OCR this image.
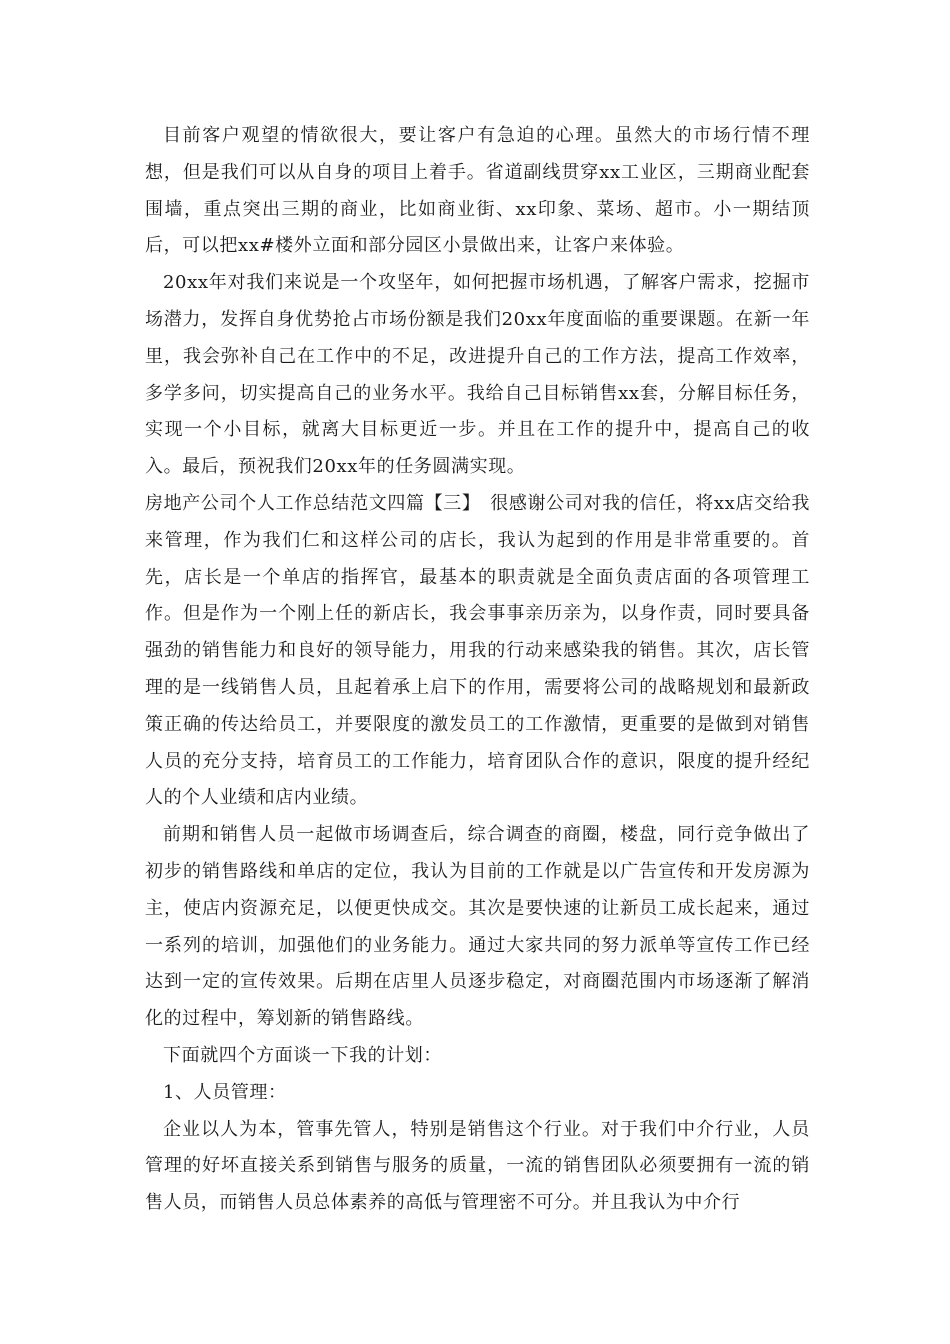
目前客户观望的情欲很大，要让客户有急迫的心理。虽然大的市场行情不理想，但是我们可以从自身的项目上着手。省道副线贯穿xx工业区，三期商业配套围墙，重点突出三期的商业，比如商业街、xx印象、菜场、超市。小一期结顶后，可以把xx#楼外立面和部分园区小景做出来，让客户来体验。

20xx年对我们来说是一个攻坚年，如何把握市场机遇，了解客户需求，挖掘市场潜力，发挥自身优势抢占市场份额是我们20xx年度面临的重要课题。在新一年里，我会弥补自己在工作中的不足，改进提升自己的工作方法，提高工作效率，多学多问，切实提高自己的业务水平。我给自己目标销售xx套，分解目标任务，实现一个小目标，就离大目标更近一步。并且在工作的提升中，提高自己的收入。最后，预祝我们20xx年的任务圆满实现。

房地产公司个人工作总结范文四篇【三】　很感谢公司对我的信任，将xx店交给我来管理，作为我们仁和这样公司的店长，我认为起到的作用是非常重要的。首先，店长是一个单店的指挥官，最基本的职责就是全面负责店面的各项管理工作。但是作为一个刚上任的新店长，我会事事亲历亲为，以身作责，同时要具备强劲的销售能力和良好的领导能力，用我的行动来感染我的销售。其次，店长管理的是一线销售人员，且起着承上启下的作用，需要将公司的战略规划和最新政策正确的传达给员工，并要限度的激发员工的工作激情，更重要的是做到对销售人员的充分支持，培育员工的工作能力，培育团队合作的意识，限度的提升经纪人的个人业绩和店内业绩。

前期和销售人员一起做市场调查后，综合调查的商圈，楼盘，同行竞争做出了初步的销售路线和单店的定位，我认为目前的工作就是以广告宣传和开发房源为主，使店内资源充足，以便更快成交。其次是要快速的让新员工成长起来，通过一系列的培训，加强他们的业务能力。通过大家共同的努力派单等宣传工作已经达到一定的宣传效果。后期在店里人员逐步稳定，对商圈范围内市场逐渐了解消化的过程中，筹划新的销售路线。

下面就四个方面谈一下我的计划：

1、人员管理：

企业以人为本，管事先管人，特别是销售这个行业。对于我们中介行业，人员管理的好坏直接关系到销售与服务的质量，一流的销售团队必须要拥有一流的销售人员，而销售人员总体素养的高低与管理密不可分。并且我认为中介行
